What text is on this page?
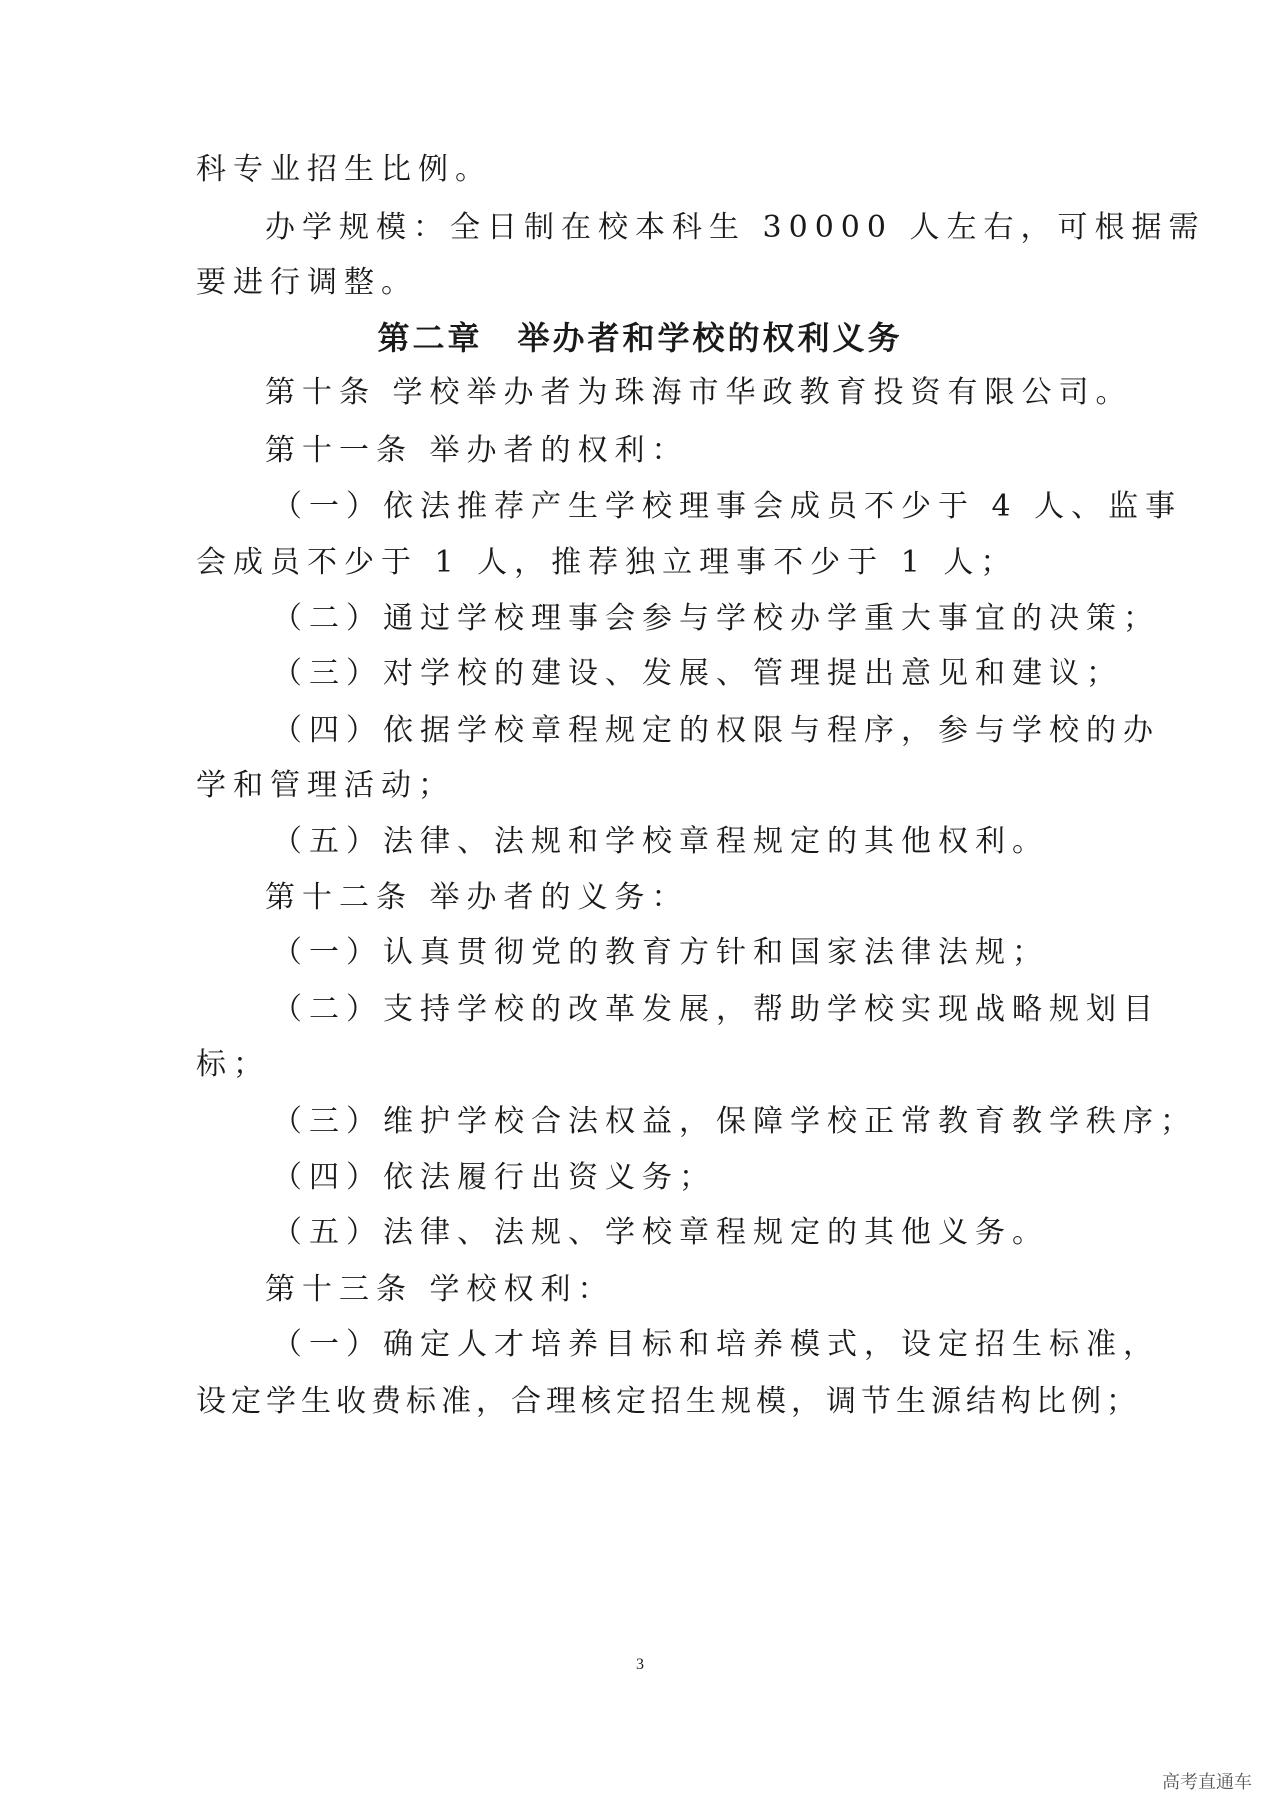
科专业招生比例。
办学规模：全日制在校本科生 30000 人左右，可根据需
要进行调整。
第二章　举办者和学校的权利义务
第十条 学校举办者为珠海市华政教育投资有限公司。
第十一条 举办者的权利：
（一）依法推荐产生学校理事会成员不少于 4 人、监事
会成员不少于 1 人，推荐独立理事不少于 1 人；
（二）通过学校理事会参与学校办学重大事宜的决策；
（三）对学校的建设、发展、管理提出意见和建议；
（四）依据学校章程规定的权限与程序，参与学校的办
学和管理活动；
（五）法律、法规和学校章程规定的其他权利。
第十二条 举办者的义务：
（一）认真贯彻党的教育方针和国家法律法规；
（二）支持学校的改革发展，帮助学校实现战略规划目
标；
（三）维护学校合法权益，保障学校正常教育教学秩序；
（四）依法履行出资义务；
（五）法律、法规、学校章程规定的其他义务。
第十三条 学校权利：
（一）确定人才培养目标和培养模式，设定招生标准，
设定学生收费标准，合理核定招生规模，调节生源结构比例；
3
高考直通车
